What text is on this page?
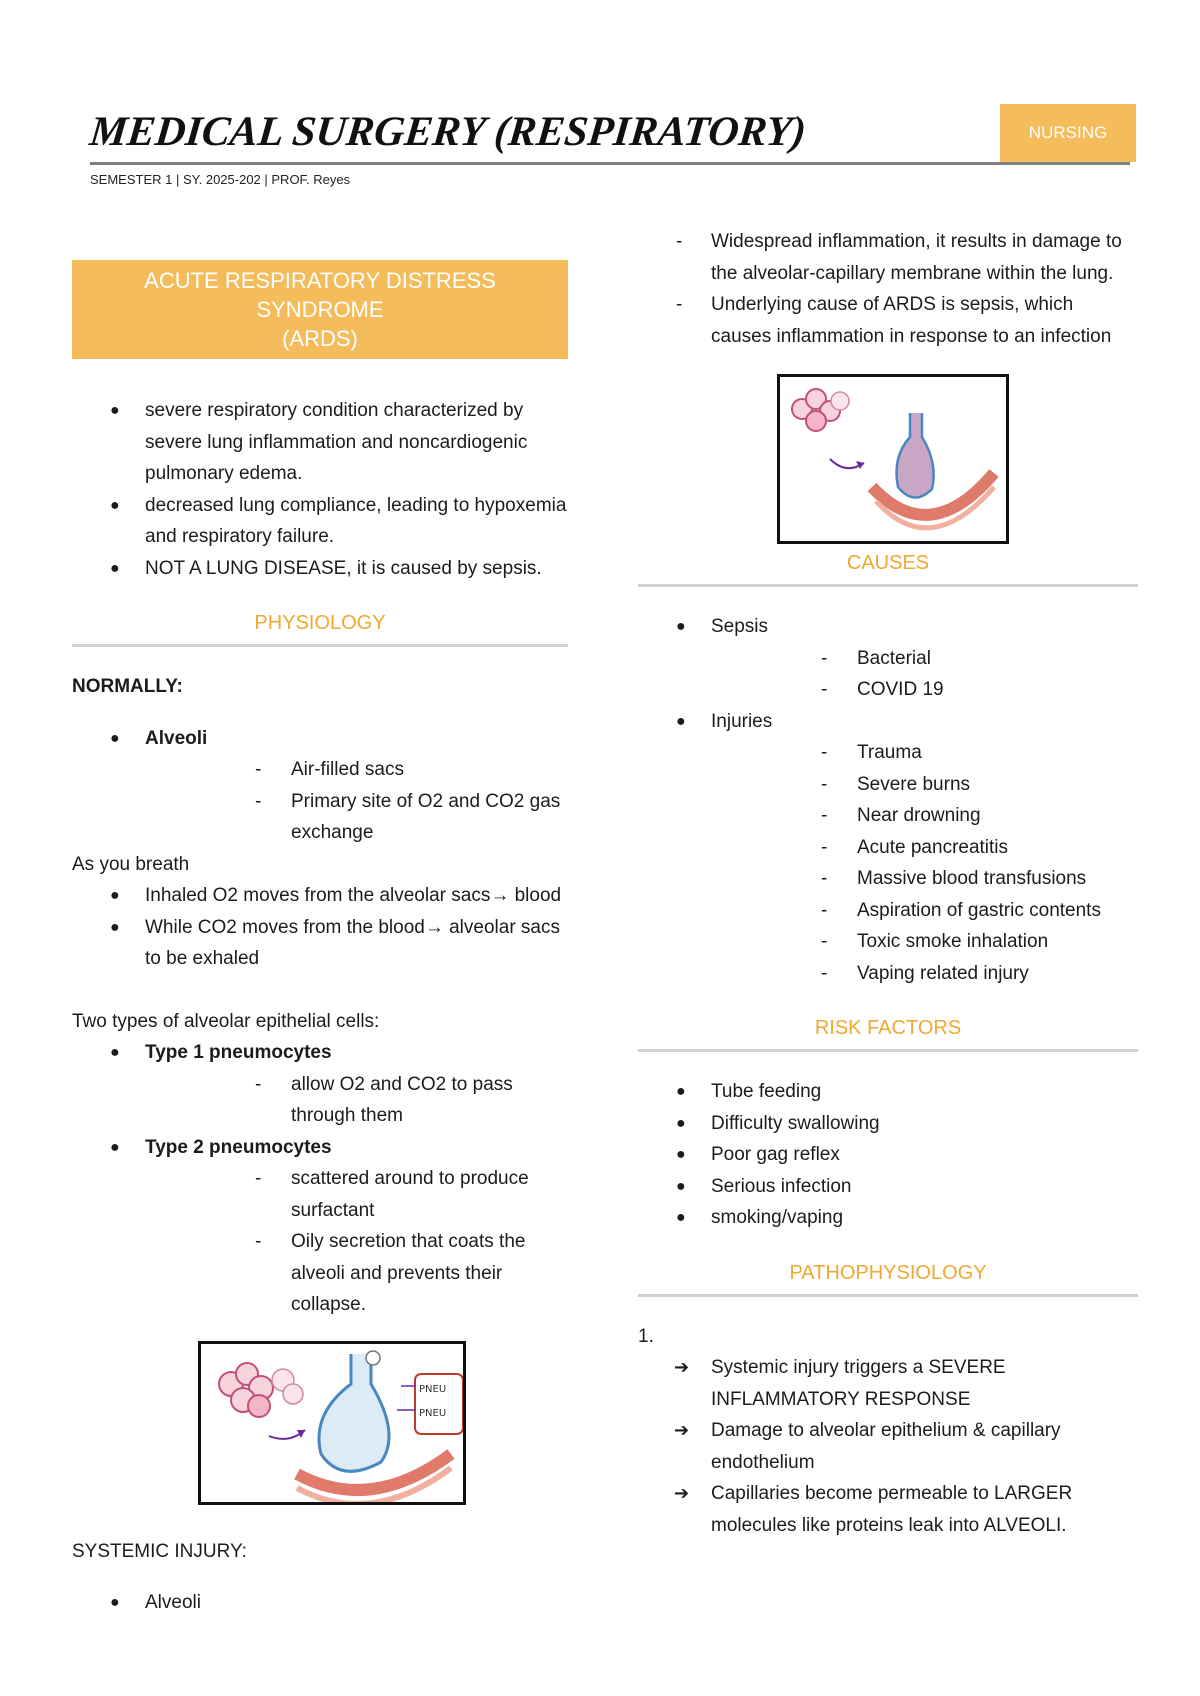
MEDICAL SURGERY (RESPIRATORY)	NURSING
SEMESTER 1 | SY. 2025-202 | PROF. Reyes
ACUTE RESPIRATORY DISTRESS SYNDROME
(ARDS)
● severe respiratory condition characterized by severe lung inflammation and noncardiogenic pulmonary edema.
● decreased lung compliance, leading to hypoxemia and respiratory failure.
● NOT A LUNG DISEASE, it is caused by sepsis.
PHYSIOLOGY

NORMALLY:

● Alveoli
- Air-filled sacs
- Primary site of O2 and CO2 gas exchange

As you breath

● Inhaled O2 moves from the alveolar sacs→ blood
● While CO2 moves from the blood→ alveolar sacs to be exhaled

Two types of alveolar epithelial cells:

● Type 1 pneumocytes
- allow O2 and CO2 to pass through them
● Type 2 pneumocytes
- scattered around to produce surfactant
- Oily secretion that coats the alveoli and prevents their collapse.
PNEU
PNEU

SYSTEMIC INJURY:

● Alveoli
- Widespread inflammation, it results in damage to the alveolar-capillary membrane within the lung.
- Underlying cause of ARDS is sepsis, which causes inflammation in response to an infection
CAUSES
● Sepsis
- Bacterial
- COVID 19
● Injuries
- Trauma
- Severe burns
- Near drowning
- Acute pancreatitis
- Massive blood transfusions
- Aspiration of gastric contents
- Toxic smoke inhalation
- Vaping related injury
RISK FACTORS
● Tube feeding
● Difficulty swallowing
● Poor gag reflex
● Serious infection
● smoking/vaping
PATHOPHYSIOLOGY

1.

➔ Systemic injury triggers a SEVERE INFLAMMATORY RESPONSE
➔ Damage to alveolar epithelium & capillary endothelium
➔ Capillaries become permeable to LARGER molecules like proteins leak into ALVEOLI.
